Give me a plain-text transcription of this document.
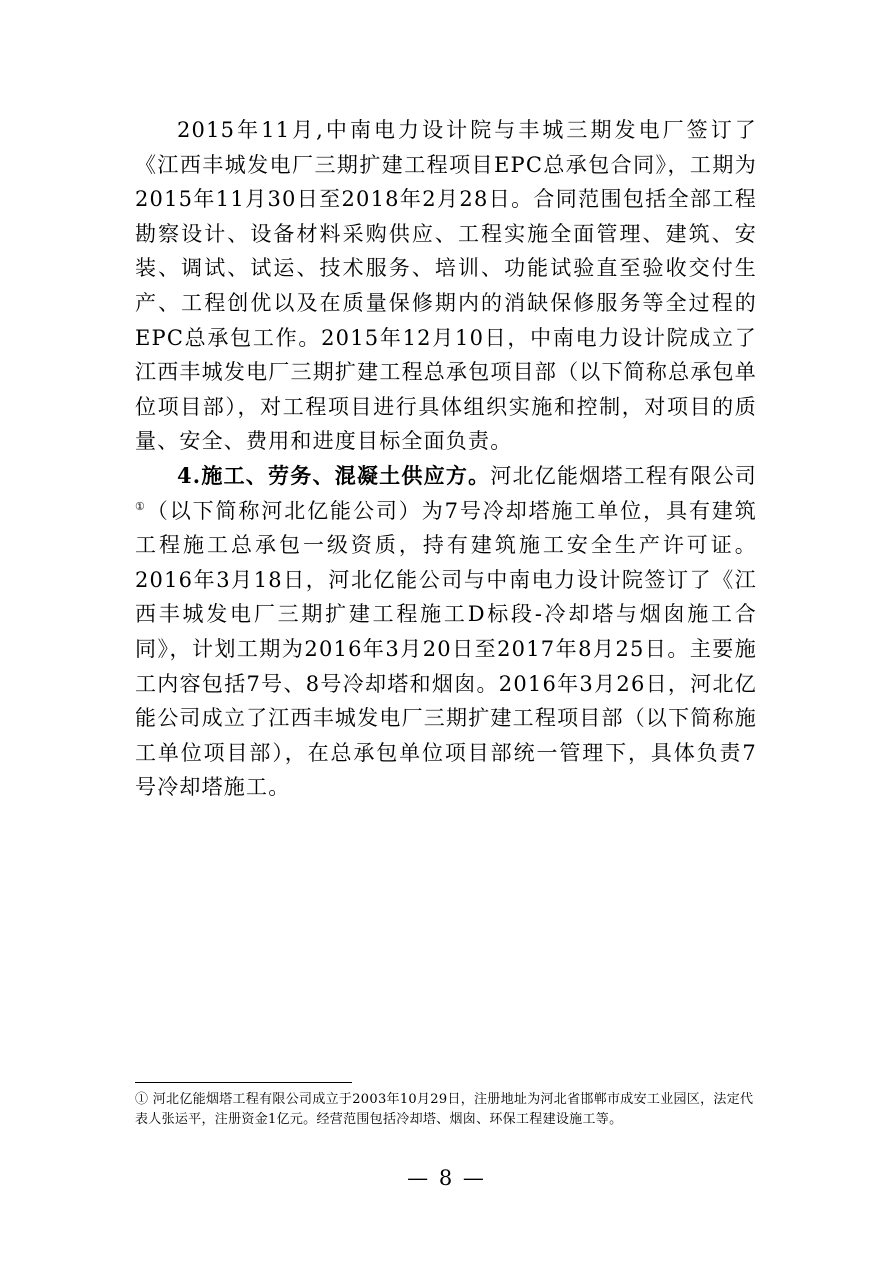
2015年11月,中南电力设计院与丰城三期发电厂签订了《江西丰城发电厂三期扩建工程项目EPC总承包合同》，工期为2015年11月30日至2018年2月28日。合同范围包括全部工程勘察设计、设备材料采购供应、工程实施全面管理、建筑、安装、调试、试运、技术服务、培训、功能试验直至验收交付生产、工程创优以及在质量保修期内的消缺保修服务等全过程的EPC总承包工作。2015年12月10日，中南电力设计院成立了江西丰城发电厂三期扩建工程总承包项目部（以下简称总承包单位项目部），对工程项目进行具体组织实施和控制，对项目的质量、安全、费用和进度目标全面负责。

4.施工、劳务、混凝土供应方。河北亿能烟塔工程有限公司①（以下简称河北亿能公司）为7号冷却塔施工单位，具有建筑工程施工总承包一级资质，持有建筑施工安全生产许可证。2016年3月18日，河北亿能公司与中南电力设计院签订了《江西丰城发电厂三期扩建工程施工D标段-冷却塔与烟囱施工合同》，计划工期为2016年3月20日至2017年8月25日。主要施工内容包括7号、8号冷却塔和烟囱。2016年3月26日，河北亿能公司成立了江西丰城发电厂三期扩建工程项目部（以下简称施工单位项目部），在总承包单位项目部统一管理下，具体负责7号冷却塔施工。

① 河北亿能烟塔工程有限公司成立于2003年10月29日，注册地址为河北省邯郸市成安工业园区，法定代表人张运平，注册资金1亿元。经营范围包括冷却塔、烟囱、环保工程建设施工等。

— 8 —
